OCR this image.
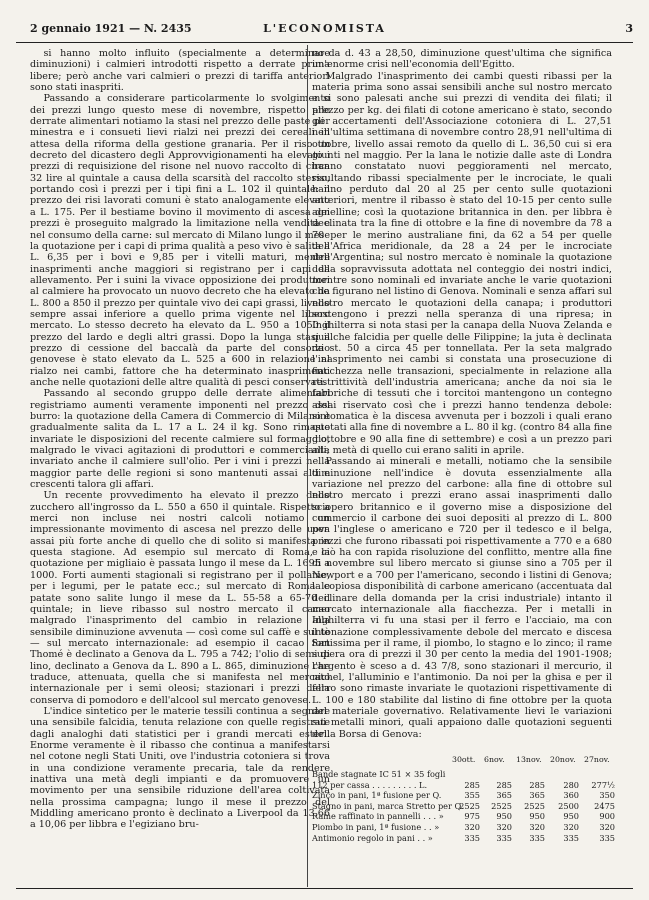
2 gennaio 1921 — N. 2435	L'ECONOMISTA	3

si hanno molto influito (specialmente a determinare diminuzioni) i calmieri introdotti rispetto a derrate prima libere; però anche vari calmieri o prezzi di tariffa anteriori sono stati inaspriti.

Passando a considerare particolarmente lo svolgimento dei prezzi lungo questo mese di novembre, rispetto alle derrate alimentari notiamo la stasi nel prezzo delle paste per minestra e i consueti lievi rialzi nei prezzi dei cereali in attesa della riforma della gestione granaria. Per il riso un decreto del dicastero degli Approvvigionamenti ha elevato i prezzi di requisizione del risone nel nuovo raccolto di circa 32 lire al quintale a causa della scarsità del raccolto stesso, portando così i prezzi per i tipi fini a L. 102 il quintale: il prezzo dei risi lavorati comuni è stato analogamente elevato a L. 175. Per il bestiame bovino il movimento di ascesa dei prezzi è proseguito malgrado la limitazione nella vendita e nel consumo della carne: sul mercato di Milano lungo il mese la quotazione per i capi di prima qualità a peso vivo è salita a L. 6,35 per i bovi e 9,85 per i vitelli maturi, mentre inasprimenti anche maggiori si registrano per i capi da allevamento. Per i suini la vivace opposizione dei produttori al calmiere ha provocato un nuovo decreto che ha elevato da L. 800 a 850 il prezzo per quintale vivo dei capi grassi, livello sempre assai inferiore a quello prima vigente nel libero mercato. Lo stesso decreto ha elevato da L. 950 a 1050 il prezzo del lardo e degli altri grassi. Dopo la lunga stasi il prezzo di cessione del baccalà da parte del consorzio genovese è stato elevato da L. 525 a 600 in relazione al rialzo nei cambi, fattore che ha determinato inasprimenti anche nelle quotazioni delle altre qualità di pesci conservati.

Passando al secondo gruppo delle derrate alimentari registriamo aumenti veramente imponenti nel prezzo del burro: la quotazione della Camera di Commercio di Milano è gradualmente salita da L. 17 a L. 24 il kg. Sono rimaste invariate le disposizioni del recente calmiere sul formaggio, malgrado le vivaci agitazioni di produttori e commercianti; invariato anche il calmiere sull'olio. Per i vini i prezzi nella maggior parte delle regioni si sono mantenuti assai alti e crescenti talora gli affari.

Un recente provvedimento ha elevato il prezzo dello zucchero all'ingrosso da L. 550 a 650 il quintale. Rispetto a merci non incluse nei nostri calcoli notiamo un impressionante movimento di ascesa nel prezzo delle uova assai più forte anche di quello che di solito si manifesta in questa stagione. Ad esempio sul mercato di Roma, la quotazione per migliaio è passata lungo il mese da L. 1695 a 1000. Forti aumenti stagionali si registrano per il pollame, per i legumi, per le patate ecc.; sul mercato di Roma le patate sono salite lungo il mese da L. 55-58 a 65-70 il quintale; in lieve ribasso sul nostro mercato il cacao malgrado l'inasprimento del cambio in relazione alla sensibile diminuzione avvenuta — così come sul caffè e sul tè — sul mercato internazionale: ad esempio il cacao San Thomé è declinato a Genova da L. 795 a 742; l'olio di semi di lino, declinato a Genova da L. 890 a L. 865, diminuzione che traduce, attenuata, quella che si manifesta nel mercato internazionale per i semi oleosi; stazionari i prezzi della conserva di pomodoro e dell'alcool sul mercato genovese.

L'indice sintetico per le materie tessili continua a segnare una sensibile falcidia, tenuta relazione con quelle registrate dagli analoghi dati statistici per i grandi mercati esteri. Enorme veramente è il ribasso che continua a manifestarsi nel cotone negli Stati Uniti, ove l'industria cotoniera si trova in una condizione veramente precaria, tale da rendere inattiva una metà degli impianti e da promuovere un movimento per una sensibile riduzione dell'area coltivata nella prossima campagna; lungo il mese il prezzo del Middling americano pronto è declinato a Liverpool da 13,66 a 10,06 per libbra e l'egiziano bru-

no da d. 43 a 28,50, diminuzione quest'ultima che significa un'enorme crisi nell'economia dell'Egitto.

Malgrado l'inasprimento dei cambi questi ribassi per la materia prima sono assai sensibili anche sul nostro mercato e si sono palesati anche sui prezzi di vendita dei filati; il prezzo per kg. dei filati di cotone americano è stato, secondo gli accertamenti dell'Associazione cotoniera di L. 27,51 nell'ultima settimana di novembre contro 28,91 nell'ultima di ottobre, livello assai remoto da quello di L. 36,50 cui si era giunti nel maggio. Per la lana le notizie dalle aste di Londra hanno constatato nuovi peggioramenti nel mercato, risultando ribassi specialmente per le incrociate, le quali hanno perduto dal 20 al 25 per cento sulle quotazioni anteriori, mentre il ribasso è stato del 10-15 per cento sulle agnelline; così la quotazione britannica in den. per libbra è declinata tra la fine di ottobre e la fine di novembre da 78 a 70 per le merino australiane fini, da 62 a 54 per quelle dell'Africa meridionale, da 28 a 24 per le incrociate dell'Argentina; sul nostro mercato è nominale la quotazione della sopravvissuta adottata nel conteggio dei nostri indici, mentre sono nominali ed invariate anche le varie quotazioni che figurano nel listino di Genova. Nominali e senza affari sul nostro mercato le quotazioni della canapa; i produttori sostengono i prezzi nella speranza di una ripresa; in Inghilterra si nota stasi per la canapa della Nuova Zelanda e qualche falcidia per quelle delle Filippine; la juta è declinata da st. 50 a circa 45 per tonnellata. Per la seta malgrado l'inasprimento nei cambi si constata una prosecuzione di fiacchezza nelle transazioni, specialmente in relazione alla restrittività dell'industria americana; anche da noi sia le fabbriche di tessuti che i torcitoi mantengono un contegno assai riservato così che i prezzi hanno tendenza debole: sintomatica è la discesa avvenuta per i bozzoli i quali erano quotati alla fine di novembre a L. 80 il kg. (contro 84 alla fine d'ottobre e 90 alla fine di settembre) e così a un prezzo pari alla metà di quello cui erano saliti in aprile.

Passando ai minerali e metalli, notiamo che la sensibile diminuzione nell'indice è dovuta essenzialmente alla variazione nel prezzo del carbone: alla fine di ottobre sul nostro mercato i prezzi erano assai inasprimenti dallo sciopero britannico e il governo mise a disposizione del commercio il carbone dei suoi depositi al prezzo di L. 800 per l'inglese o americano e 720 per il tedesco e il belga, prezzi che furono ribassati poi rispettivamente a 770 e a 680 e ciò ha con rapida risoluzione del conflitto, mentre alla fine di novembre sul libero mercato si giunse sino a 705 per il Newport e a 700 per l'americano, secondo i listini di Genova; la copiosa disponibilità di carbone americano (accentuata dal declinare della domanda per la crisi industriale) intanto il mercato internazionale alla fiacchezza. Per i metalli in Inghilterra vi fu una stasi per il ferro e l'acciaio, ma con intonazione complessivamente debole del mercato e discesa fortissima per il rame, il piombo, lo stagno e lo zinco; il rame supera ora di prezzi il 30 per cento la media del 1901-1908; l'argento è sceso a d. 43 7/8, sono stazionari il mercurio, il nichel, l'alluminio e l'antimonio. Da noi per la ghisa e per il ferro sono rimaste invariate le quotazioni rispettivamente di L. 100 e 180 stabilite dal listino di fine ottobre per la quota del materiale governativo. Relativamente lievi le variazioni sui metalli minori, quali appaiono dalle quotazioni seguenti della Borsa di Genova:

30ott. 6nov. 13nov. 20nov. 27nov.
Bande stagnate IC 51 × 35 fogli
112 per cassa . . . . . . . . . L.	285	285	285	280	277½
Zinco in pani, 1ª fusione per Q.	355	365	365	360	350
Stagno in pani, marca Stretto per Q.
2525	2525	2525	2500	2475
Rame raffinato in pannelli . . . »	975	950	950	950	900
Piombo in pani, 1ª fusione . . »	320	320	320	320	320
Antimonio regolo in pani . . »	335	335	335	335	335
